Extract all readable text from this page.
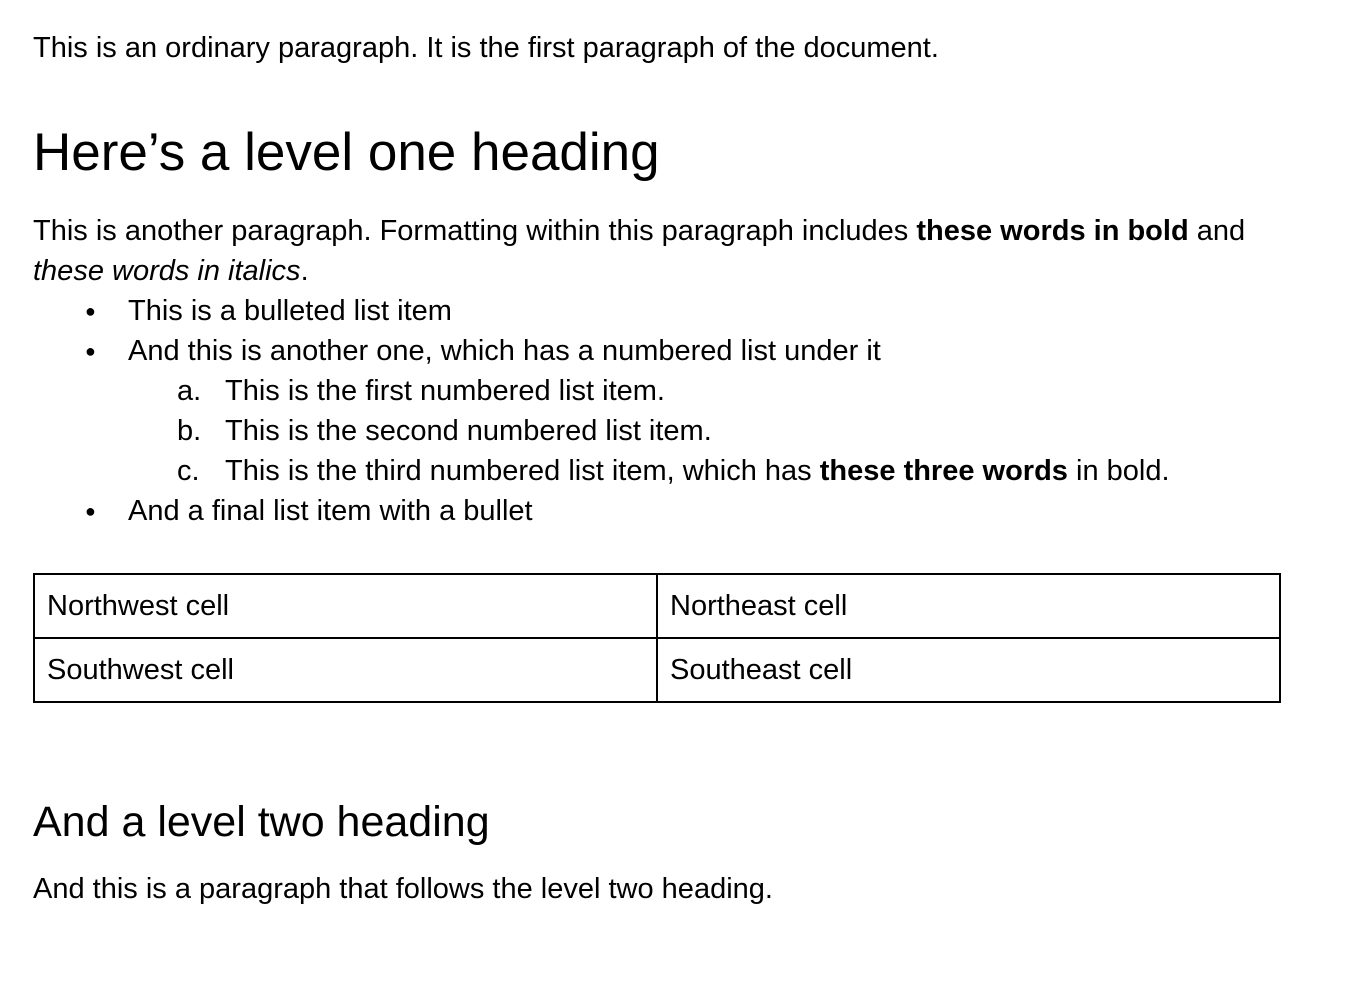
This is an ordinary paragraph. It is the first paragraph of the document.

Here’s a level one heading

This is another paragraph. Formatting within this paragraph includes these words in bold and these words in italics.

● This is a bulleted list item
● And this is another one, which has a numbered list under it
a. This is the first numbered list item.
b. This is the second numbered list item.
c. This is the third numbered list item, which has these three words in bold.
● And a final list item with a bullet
Northwest cell	Northeast cell
Southwest cell	Southeast cell
And a level two heading

And this is a paragraph that follows the level two heading.
